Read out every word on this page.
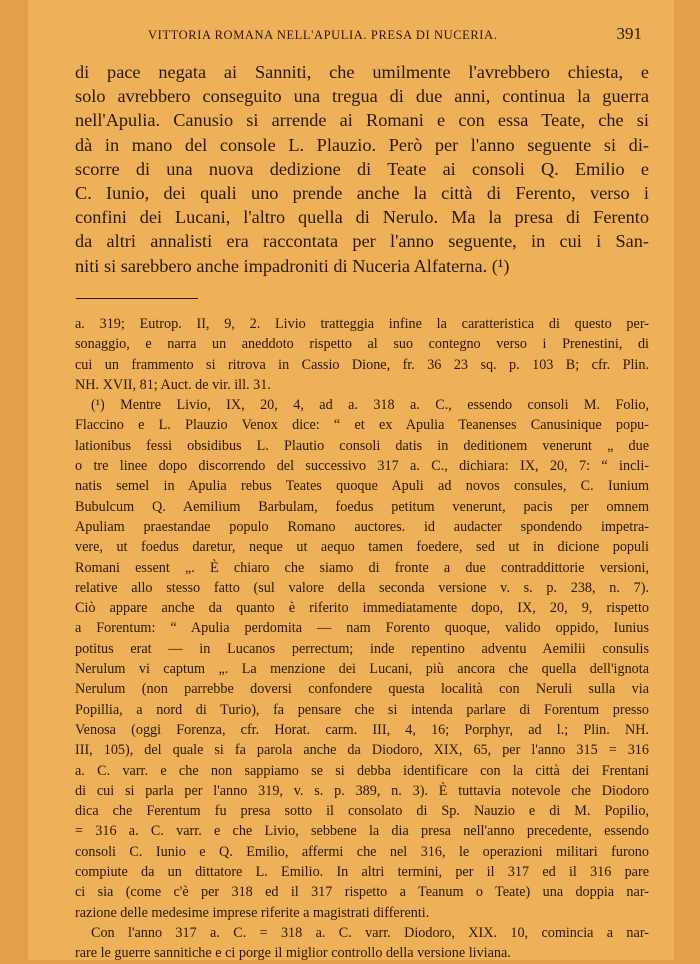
VITTORIA ROMANA NELL'APULIA. PRESA DI NUCERIA.	391
di pace negata ai Sanniti, che umilmente l'avrebbero chiesta, e
solo avrebbero conseguito una tregua di due anni, continua la guerra
nell'Apulia. Canusio si arrende ai Romani e con essa Teate, che si
dà in mano del console L. Plauzio. Però per l'anno seguente si di-
scorre di una nuova dedizione di Teate ai consoli Q. Emilio e
C. Iunio, dei quali uno prende anche la città di Ferento, verso i
confini dei Lucani, l'altro quella di Nerulo. Ma la presa di Ferento
da altri annalisti era raccontata per l'anno seguente, in cui i San-
niti si sarebbero anche impadroniti di Nuceria Alfaterna. (¹)

a. 319; Eutrop. II, 9, 2. Livio tratteggia infine la caratteristica di questo per-
sonaggio, e narra un aneddoto rispetto al suo contegno verso i Prenestini, di
cui un frammento si ritrova in Cassio Dione, fr. 36 23 sq. p. 103 B; cfr. Plin.
NH. XVII, 81; Auct. de vir. ill. 31.

(¹) Mentre Livio, IX, 20, 4, ad a. 318 a. C., essendo consoli M. Folio,
Flaccino e L. Plauzio Venox dice: “ et ex Apulia Teanenses Canusinique popu-
lationibus fessi obsidibus L. Plautio consoli datis in deditionem venerunt „ due
o tre linee dopo discorrendo del successivo 317 a. C., dichiara: IX, 20, 7: “ incli-
natis semel in Apulia rebus Teates quoque Apuli ad novos consules, C. Iunium
Bubulcum Q. Aemilium Barbulam, foedus petitum venerunt, pacis per omnem
Apuliam praestandae populo Romano auctores. id audacter spondendo impetra-
vere, ut foedus daretur, neque ut aequo tamen foedere, sed ut in dicione populi
Romani essent „. È chiaro che siamo di fronte a due contraddittorie versioni,
relative allo stesso fatto (sul valore della seconda versione v. s. p. 238, n. 7).
Ciò appare anche da quanto è riferito immediatamente dopo, IX, 20, 9, rispetto
a Forentum: “ Apulia perdomita — nam Forento quoque, valido oppido, Iunius
potitus erat — in Lucanos perrectum; inde repentino adventu Aemilii consulis
Nerulum vi captum „. La menzione dei Lucani, più ancora che quella dell'ignota
Nerulum (non parrebbe doversi confondere questa località con Neruli sulla via
Popillia, a nord di Turio), fa pensare che si intenda parlare di Forentum presso
Venosa (oggi Forenza, cfr. Horat. carm. III, 4, 16; Porphyr, ad l.; Plin. NH.
III, 105), del quale si fa parola anche da Diodoro, XIX, 65, per l'anno 315 = 316
a. C. varr. e che non sappiamo se si debba identificare con la città dei Frentani
di cui si parla per l'anno 319, v. s. p. 389, n. 3). È tuttavia notevole che Diodoro
dica che Ferentum fu presa sotto il consolato di Sp. Nauzio e di M. Popilio,
= 316 a. C. varr. e che Livio, sebbene la dia presa nell'anno precedente, essendo
consoli C. Iunio e Q. Emilio, affermi che nel 316, le operazioni militari furono
compiute da un dittatore L. Emilio. In altri termini, per il 317 ed il 316 pare
ci sia (come c'è per 318 ed il 317 rispetto a Teanum o Teate) una doppia nar-
razione delle medesime imprese riferite a magistrati differenti.

Con l'anno 317 a. C. = 318 a. C. varr. Diodoro, XIX. 10, comincia a nar-
rare le guerre sannitiche e ci porge il miglior controllo della versione liviana.
